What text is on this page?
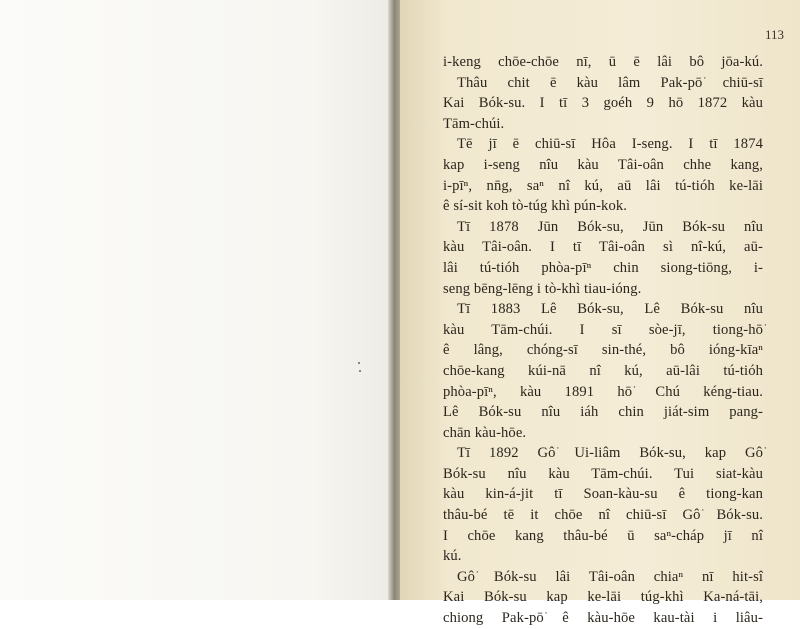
113
i-keng chōe-chōe nī, ū ē lâi bô jōa-kú.
Thâu chit ē kàu lâm Pak-pō͘ chiū-sī
Kai Bók-su. I tī 3 goéh 9 hō 1872 kàu
Tām-chúi.
Tē jī ē chiū-sī Hôa I-seng. I tī 1874
kap i-seng nîu kàu Tâi-oân chhe kang,
i-pīⁿ, nn̄g, saⁿ nî kú, aū lâi tú-tióh ke-lāi
ê sí-sit koh tò-túg khì pún-kok.
Tī 1878 Jūn Bók-su, Jūn Bók-su nîu
kàu Tâi-oân. I tī Tâi-oân sì nî-kú, aū-
lâi tú-tióh phòa-pīⁿ chin siong-tiōng, i-
seng bēng-lēng i tò-khì tiau-ióng.
Tī 1883 Lê Bók-su, Lê Bók-su nîu
kàu Tām-chúi. I sī sòe-jī, tiong-hō͘
ê lâng, chóng-sī sin-thé, bô ióng-kīaⁿ
chōe-kang kúi-nā nî kú, aū-lâi tú-tióh
phòa-pīⁿ, kàu 1891 hō͘ Chú kéng-tiau.
Lê Bók-su nîu iáh chin jiát-sim pang-
chān kàu-hōe.
Tī 1892 Gô͘ Ui-liâm Bók-su, kap Gô͘
Bók-su nîu kàu Tām-chúi. Tui siat-kàu
kàu kin-á-jit tī Soan-kàu-su ê tiong-kan
thâu-bé tē it chōe nî chiū-sī Gô͘ Bók-su.
I chōe kang thâu-bé ū saⁿ-cháp jī nî
kú.
Gô͘ Bók-su lâi Tâi-oân chiaⁿ nī hit-sî
Kai Bók-su kap ke-lāi túg-khì Ka-ná-tāi,
chiong Pak-pō͘ ê kàu-hōe kau-tài i liâu-
